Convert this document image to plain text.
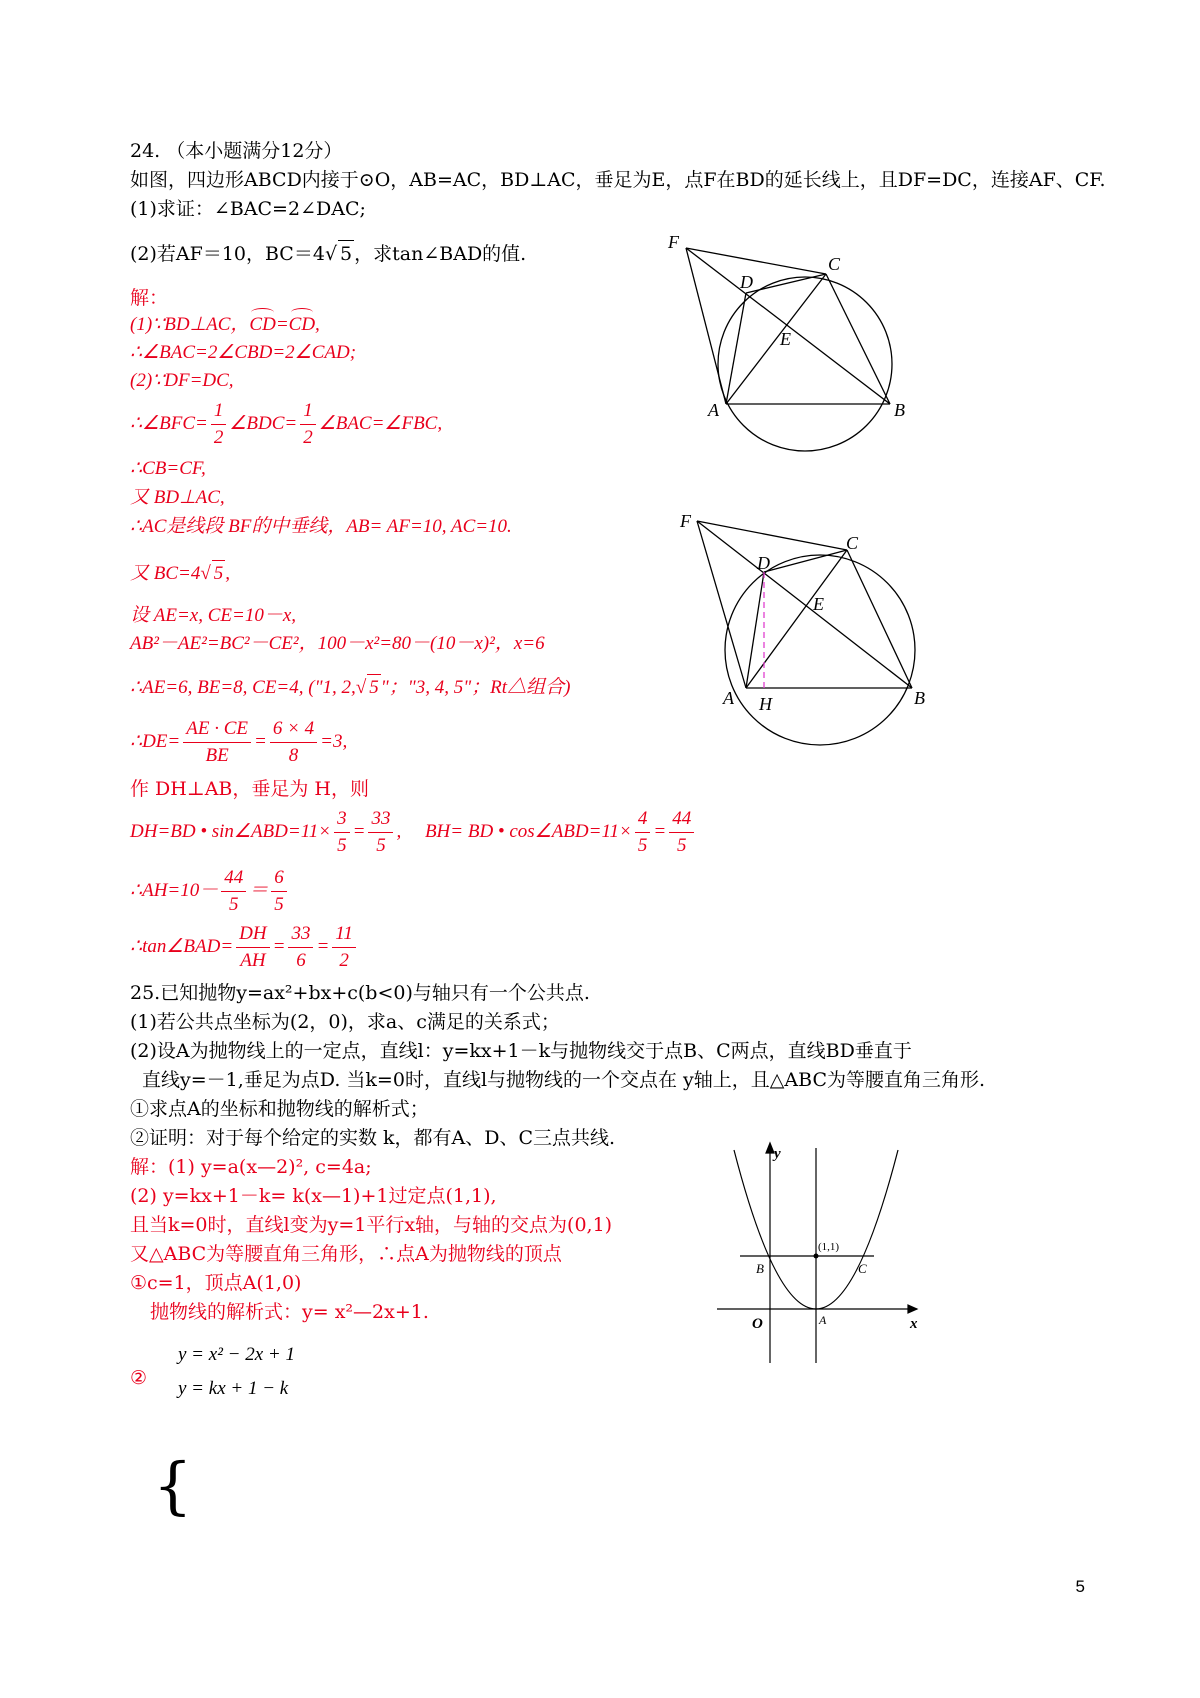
24. （本小题满分12分）
如图，四边形ABCD内接于⊙O，AB=AC，BD⊥AC，垂足为E，点F在BD的延长线上，且DF=DC，连接AF、CF.
(1)求证：∠BAC=2∠DAC;
(2)若AF＝10，BC＝4√ 5 ，求tan∠BAD的值.
解：
(1)∵BD⊥AC，CD=CD,
∴∠BAC=2∠CBD=2∠CAD;
(2)∵DF=DC,
∴∠BFC= $\frac{1}{2}$ ∠BDC= $\frac{1}{2}$ ∠BAC=∠FBC,
∴CB=CF,
又 BD⊥AC,
∴AC是线段 BF的中垂线，AB= AF=10, AC=10.
又 BC=4√ 5 ,
设 AE=x, CE=10－x,
AB²－AE²=BC²－CE²，100－x²=80－(10－x)²，x=6
∴AE=6, BE=8, CE=4, ("1, 2,√ 5 "；"3, 4, 5"；Rt△组合)
∴DE= $\frac{AE \cdot CE}{BE} = \frac{6 \times 4}{8} =3$,
作 DH⊥AB，垂足为 H，则
DH=BD • sin∠ABD=11× $\frac{3}{5} = \frac{33}{5}$ ,     BH= BD • cos∠ABD=11× $\frac{4}{5} = \frac{44}{5}$
∴AH=10－ $\frac{44}{5} = \frac{6}{5}$
∴tan∠BAD= $\frac{DH}{AH} = \frac{33}{6} = \frac{11}{2}$
F
C
D
E
A	B
F
C
D
E
A H	B
25.已知抛物y=ax²+bx+c(b<0)与轴只有一个公共点.
(1)若公共点坐标为(2，0)，求a、c满足的关系式；
(2)设A为抛物线上的一定点，直线l：y=kx+1－k与抛物线交于点B、C两点，直线BD垂直于
直线y=－1,垂足为点D. 当k=0时，直线l与抛物线的一个交点在 y轴上，且△ABC为等腰直角三角形.
①求点A的坐标和抛物线的解析式；
②证明：对于每个给定的实数 k，都有A、D、C三点共线.
解：(1) y=a(x—2)², c=4a;
(2) y=kx+1－k= k(x—1)+1过定点(1,1),
且当k=0时，直线l变为y=1平行x轴，与轴的交点为(0,1)
又△ABC为等腰直角三角形，∴点A为抛物线的顶点
①c=1，顶点A(1,0)
抛物线的解析式：y= x²—2x+1.
②
{
y = x² − 2x + 1
y = kx + 1 − k
y
x
O	A
B	C
(1,1)
5
